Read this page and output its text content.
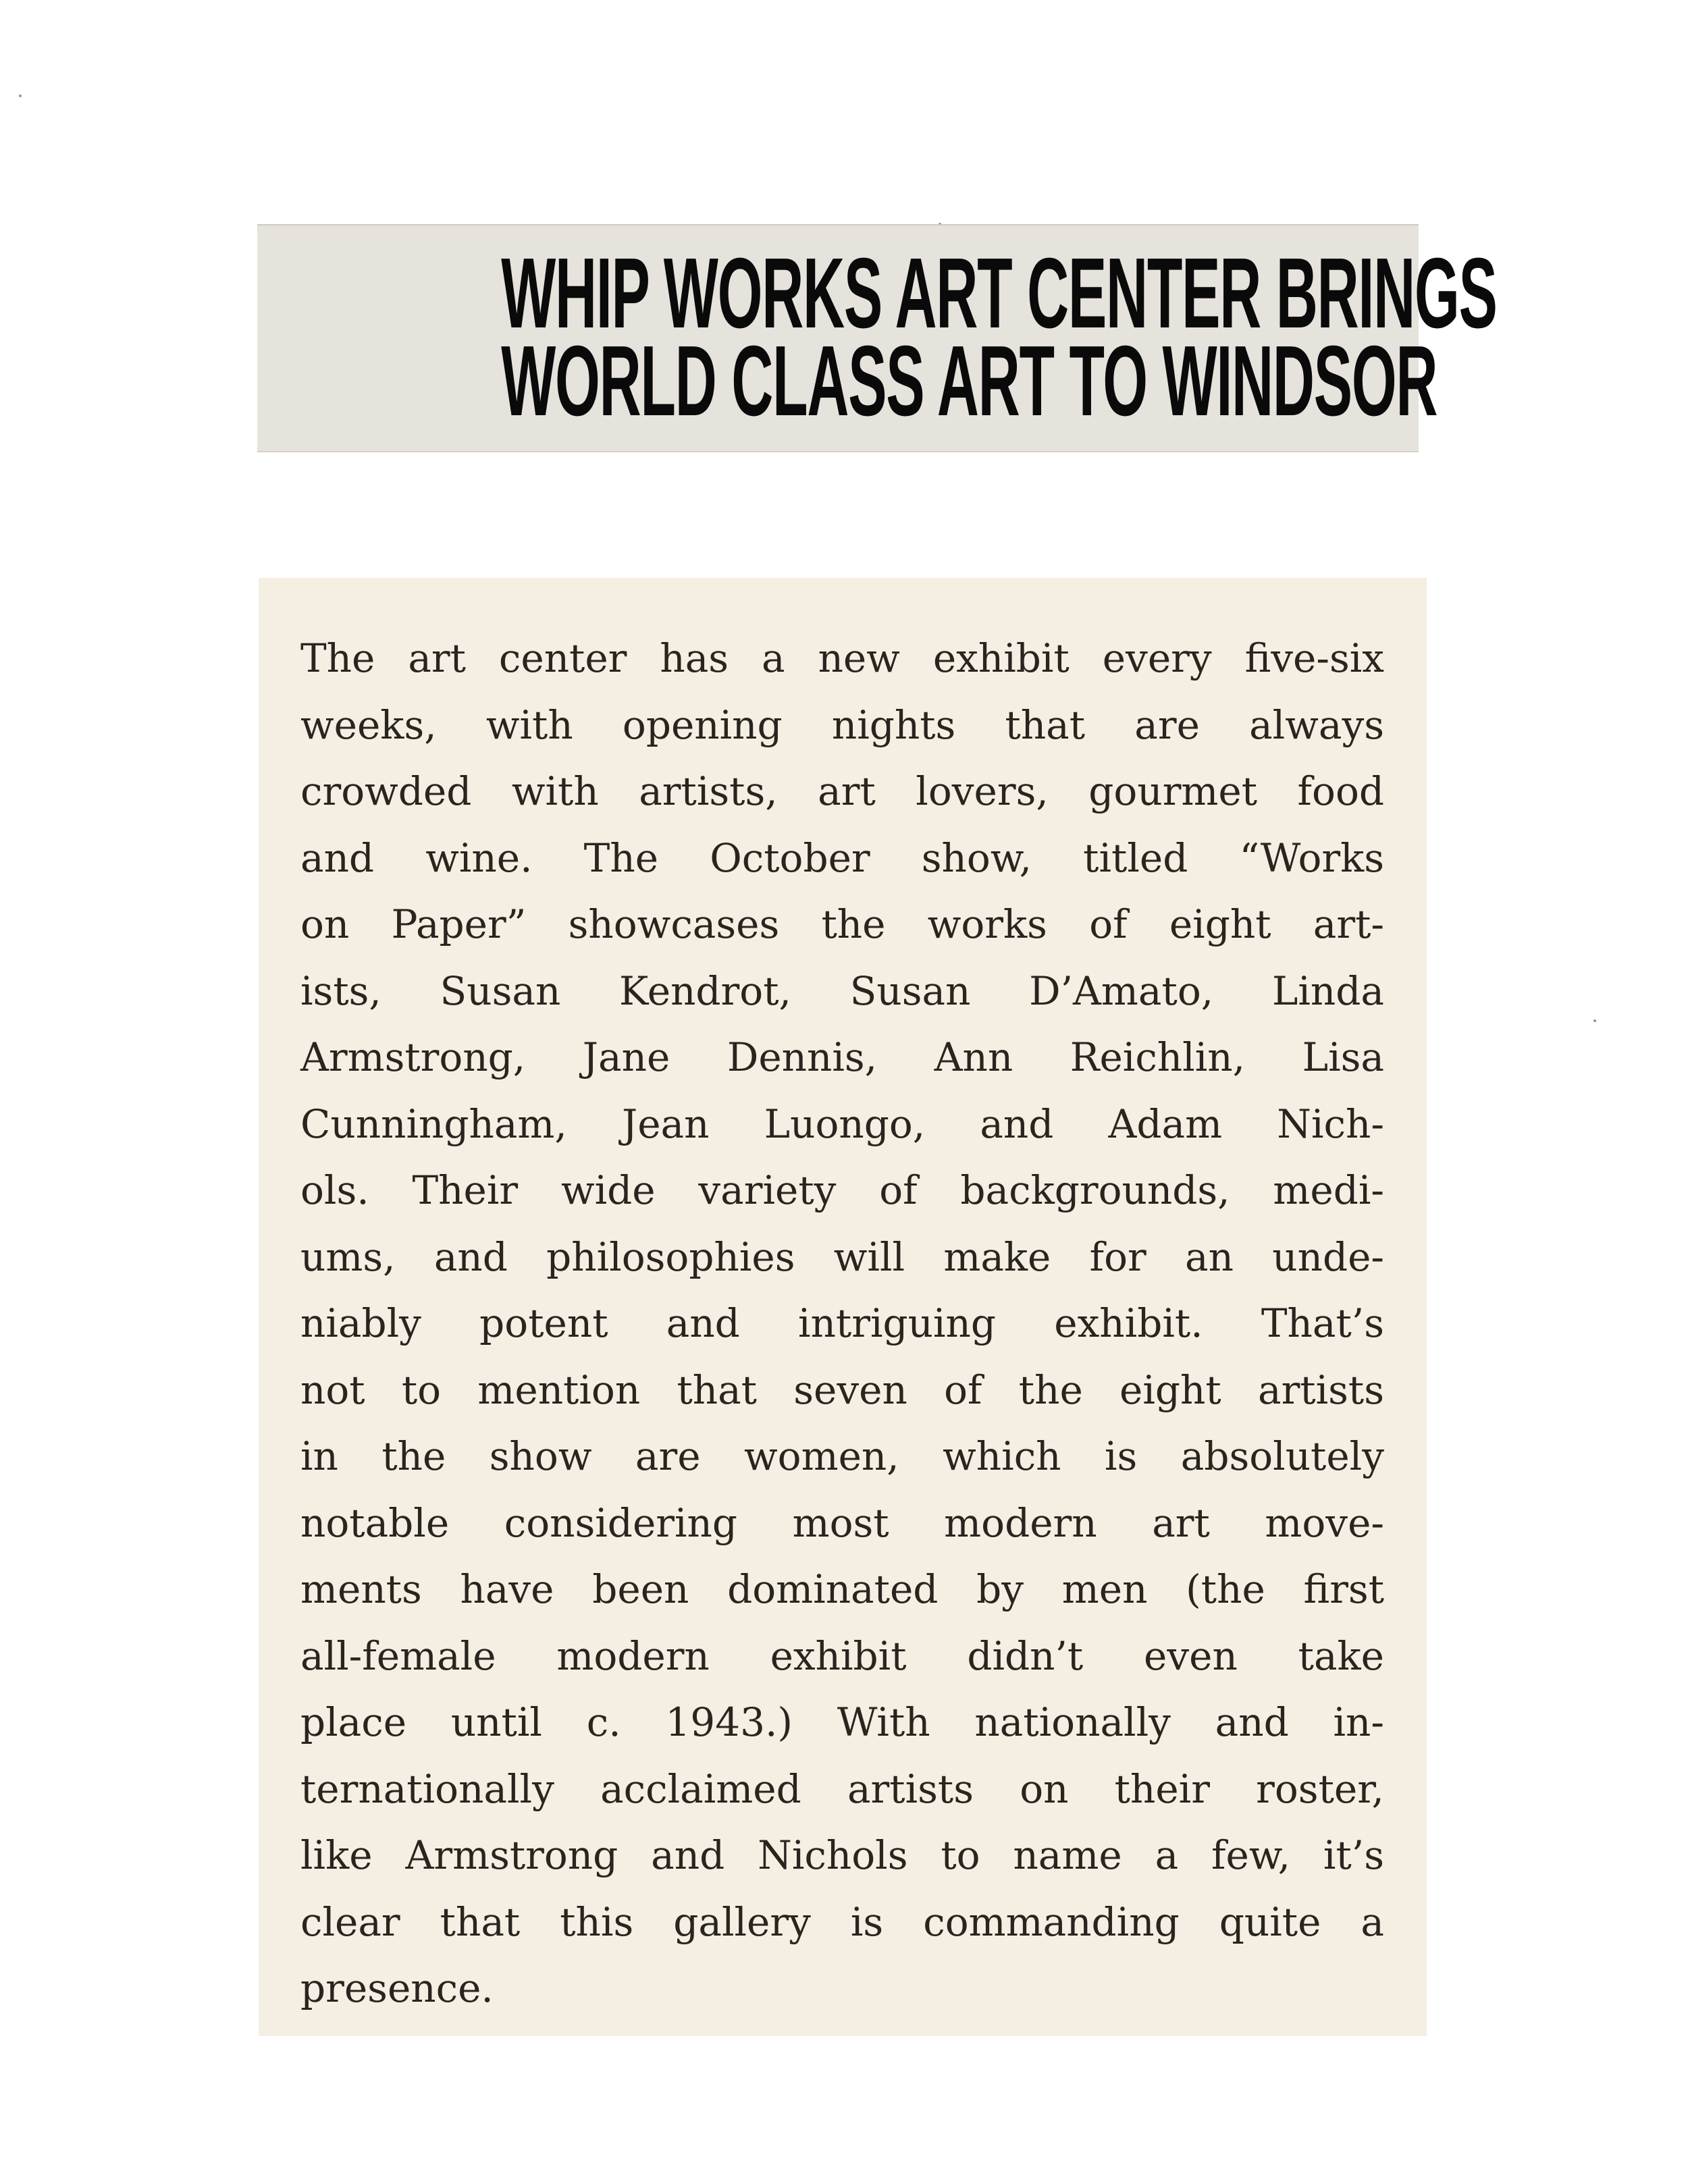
WHIP WORKS ART CENTER BRINGS
WORLD CLASS ART TO WINDSOR
The art center has a new exhibit every five-six
weeks, with opening nights that are always
crowded with artists, art lovers, gourmet food
and wine. The October show, titled “Works
on Paper” showcases the works of eight art-
ists, Susan Kendrot, Susan D’Amato, Linda
Armstrong, Jane Dennis, Ann Reichlin, Lisa
Cunningham, Jean Luongo, and Adam Nich-
ols. Their wide variety of backgrounds, medi-
ums, and philosophies will make for an unde-
niably potent and intriguing exhibit. That’s
not to mention that seven of the eight artists
in the show are women, which is absolutely
notable considering most modern art move-
ments have been dominated by men (the first
all-female modern exhibit didn’t even take
place until c. 1943.) With nationally and in-
ternationally acclaimed artists on their roster,
like Armstrong and Nichols to name a few, it’s
clear that this gallery is commanding quite a
presence.
